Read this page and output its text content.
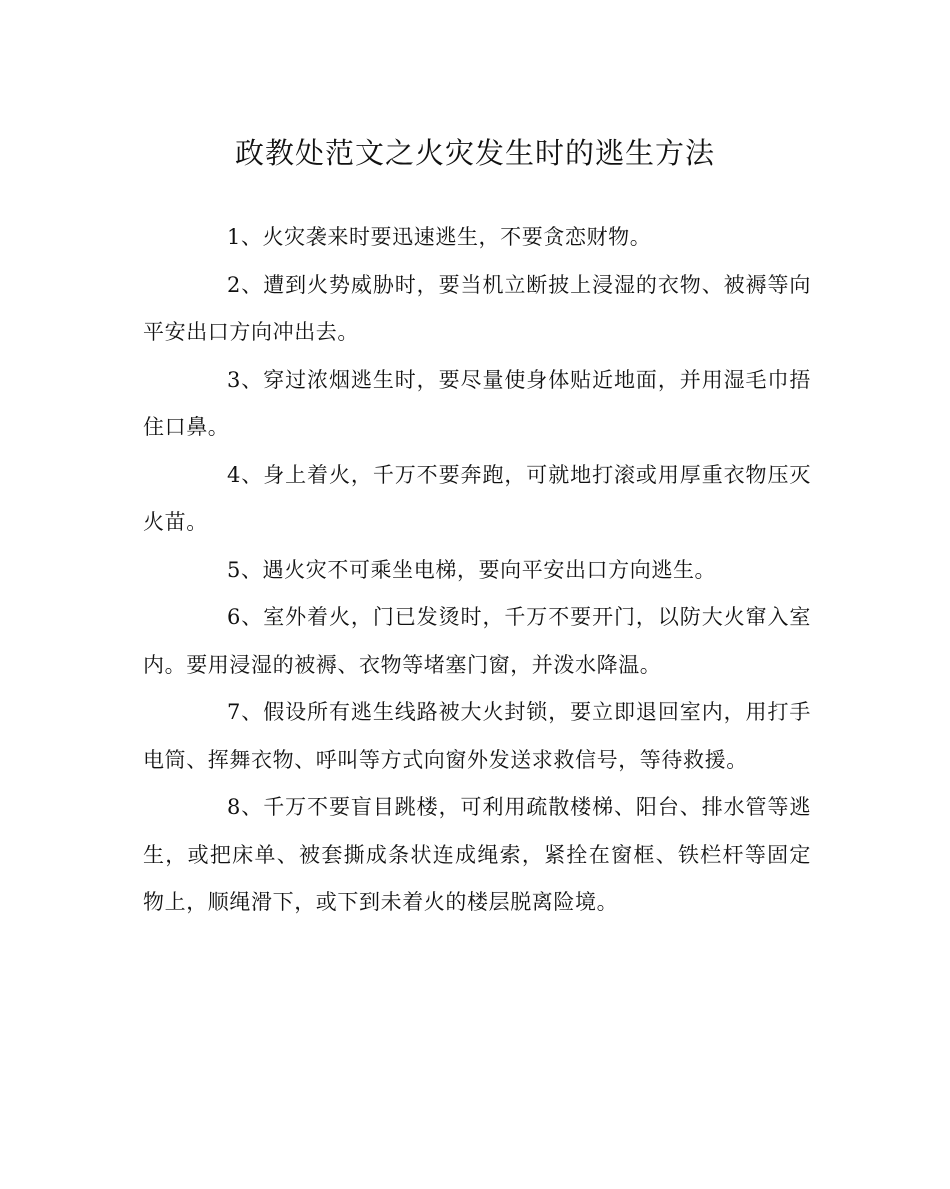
政教处范文之火灾发生时的逃生方法

1、火灾袭来时要迅速逃生，不要贪恋财物。

2、遭到火势威胁时，要当机立断披上浸湿的衣物、被褥等向平安出口方向冲出去。

3、穿过浓烟逃生时，要尽量使身体贴近地面，并用湿毛巾捂住口鼻。

4、身上着火，千万不要奔跑，可就地打滚或用厚重衣物压灭火苗。

5、遇火灾不可乘坐电梯，要向平安出口方向逃生。

6、室外着火，门已发烫时，千万不要开门，以防大火窜入室内。要用浸湿的被褥、衣物等堵塞门窗，并泼水降温。

7、假设所有逃生线路被大火封锁，要立即退回室内，用打手电筒、挥舞衣物、呼叫等方式向窗外发送求救信号，等待救援。

8、千万不要盲目跳楼，可利用疏散楼梯、阳台、排水管等逃生，或把床单、被套撕成条状连成绳索，紧拴在窗框、铁栏杆等固定物上，顺绳滑下，或下到未着火的楼层脱离险境。
